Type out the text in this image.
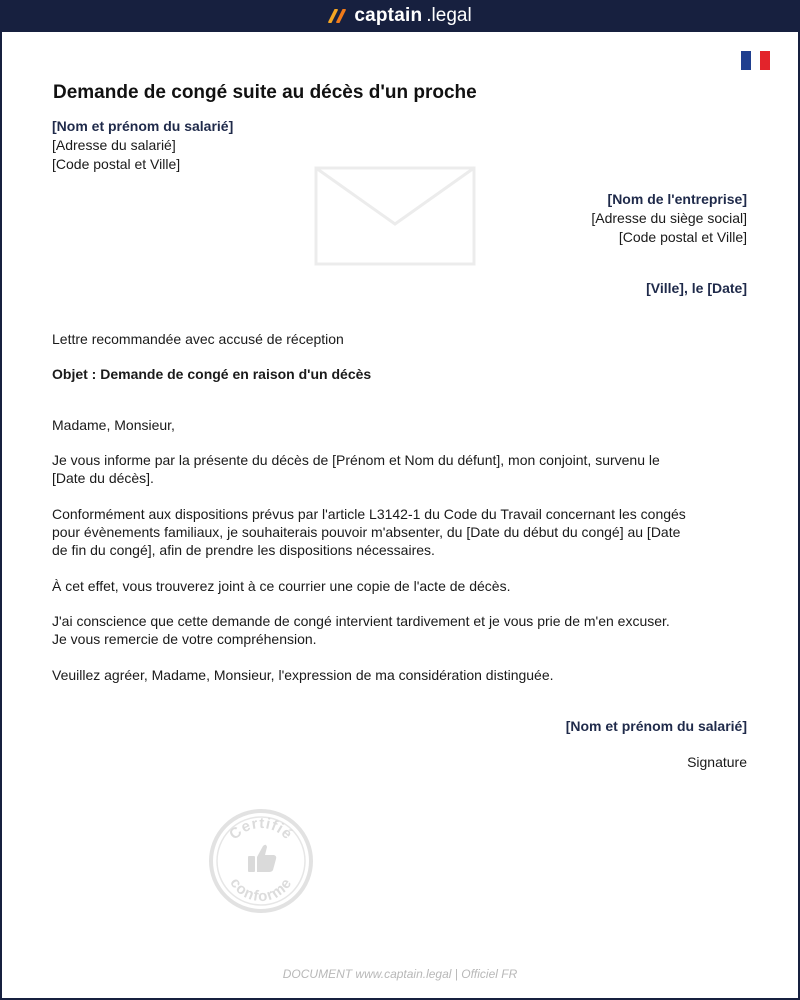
captain .legal
Demande de congé suite au décès d'un proche
[Nom et prénom du salarié]
[Adresse du salarié]
[Code postal et Ville]
[Nom de l'entreprise]
[Adresse du siège social]
[Code postal et Ville]
[Ville], le [Date]
Lettre recommandée avec accusé de réception
Objet : Demande de congé en raison d'un décès
Madame, Monsieur,
Je vous informe par la présente du décès de [Prénom et Nom du défunt], mon conjoint, survenu le
[Date du décès].
Conformément aux dispositions prévus par l'article L3142-1 du Code du Travail concernant les congés
pour évènements familiaux, je souhaiterais pouvoir m'absenter, du [Date du début du congé] au [Date
de fin du congé], afin de prendre les dispositions nécessaires.
À cet effet, vous trouverez joint à ce courrier une copie de l'acte de décès.
J'ai conscience que cette demande de congé intervient tardivement et je vous prie de m'en excuser.
Je vous remercie de votre compréhension.
Veuillez agréer, Madame, Monsieur, l'expression de ma considération distinguée.
[Nom et prénom du salarié]
Signature
Certifié
conforme
DOCUMENT www.captain.legal | Officiel FR
